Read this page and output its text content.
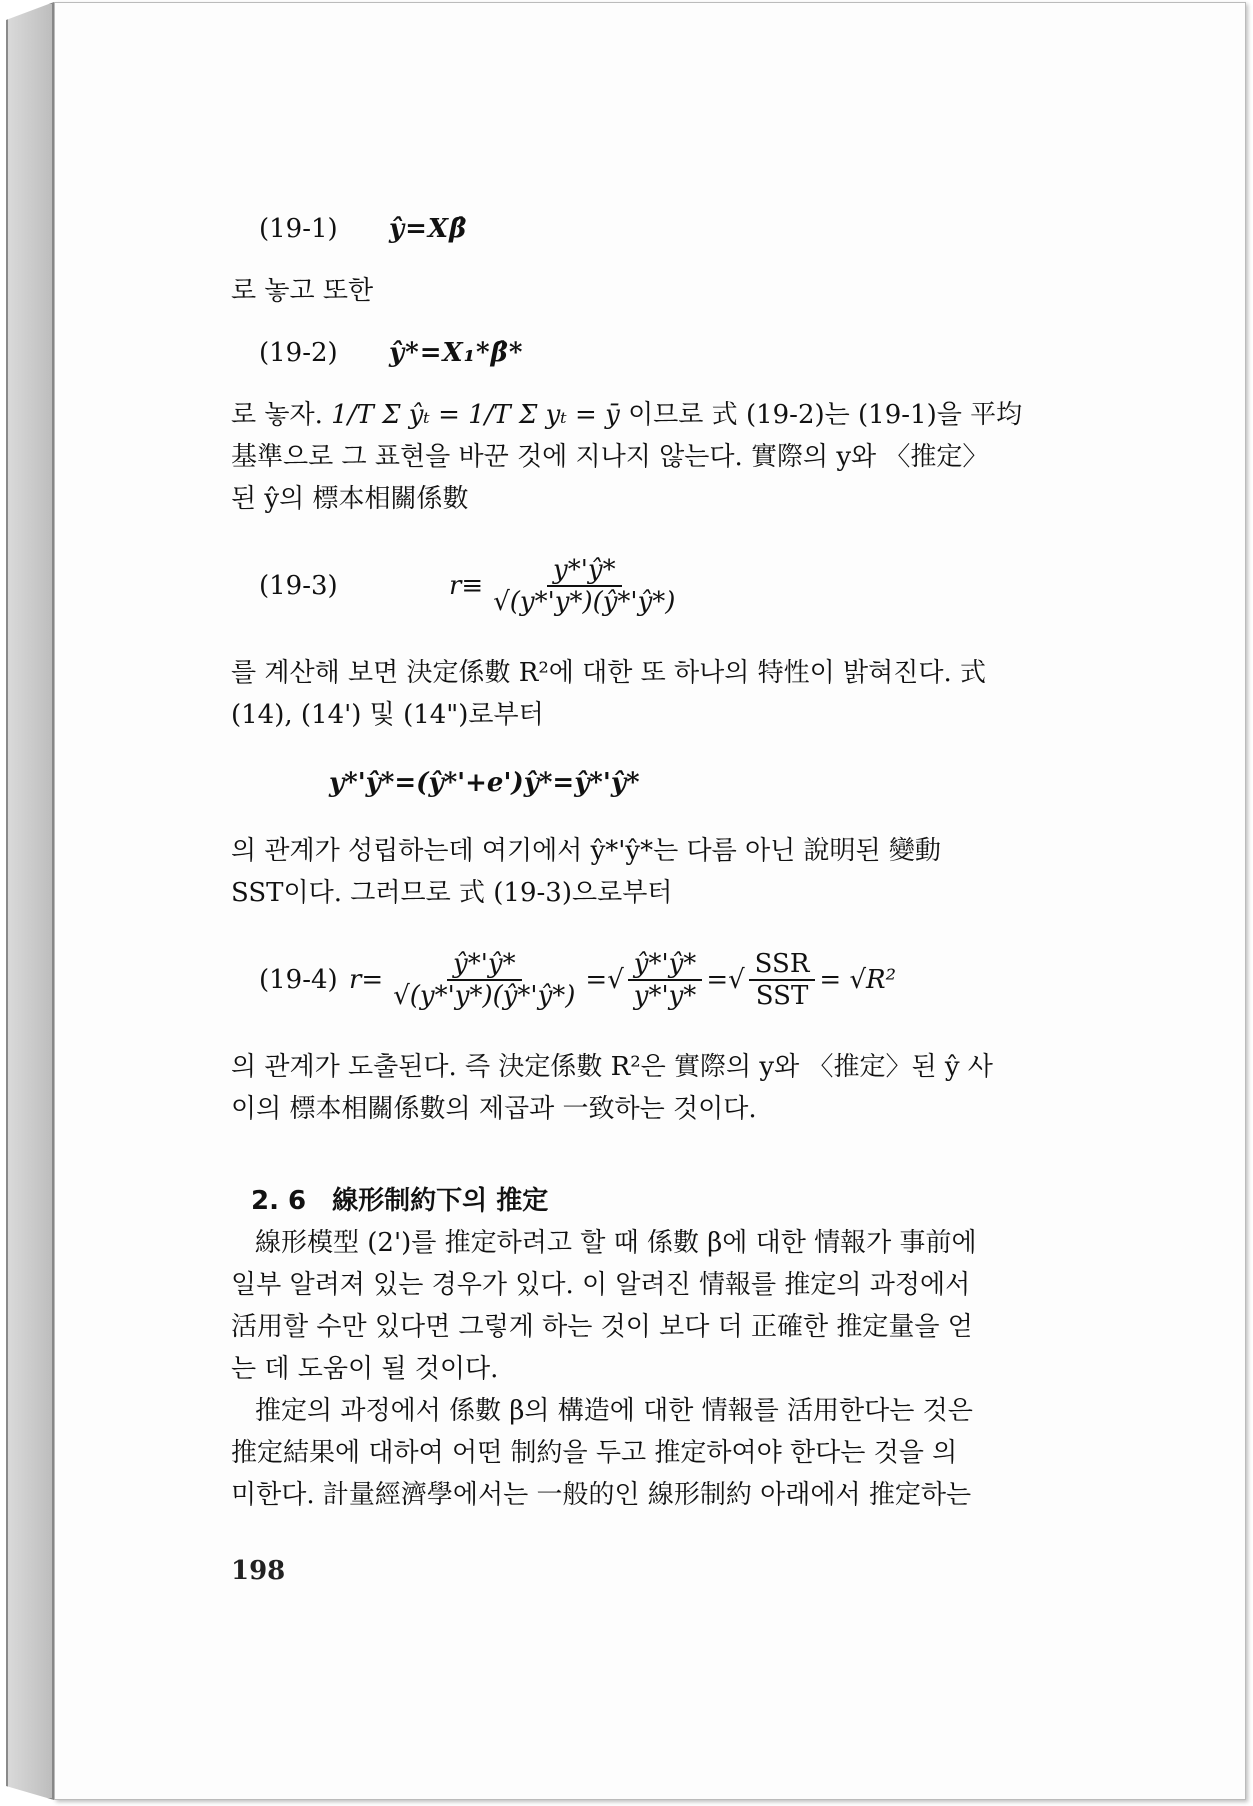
(19-1)	ŷ=Xβ̂

로 놓고 또한

(19-2)	ŷ*=X₁*β̂*

로 놓자. 1/T Σ ŷₜ = 1/T Σ yₜ = ȳ 이므로 式 (19-2)는 (19-1)을 平均

基準으로 그 표현을 바꾼 것에 지나지 않는다. 實際의 y와 〈推定〉

된 ŷ의 標本相關係數

(19-3)	$r\equiv \frac{y*'ŷ*}{√(y*'y*)(ŷ*'ŷ*)}$

를 계산해 보면 決定係數 R²에 대한 또 하나의 特性이 밝혀진다. 式

(14), (14') 및 (14")로부터

y*'ŷ*=(ŷ*'+e')ŷ*=ŷ*'ŷ*

의 관계가 성립하는데 여기에서 ŷ*'ŷ*는 다름 아닌 說明된 變動

SST이다. 그러므로 式 (19-3)으로부터

(19-4) $r= \frac{ŷ*'ŷ*}{√(y*'y*)(ŷ*'ŷ*)}$ =√ $\frac{ŷ*'ŷ*}{y*'y*}$ =√ $\frac{\text{SSR}}{\text{SST}} = √R^2$

의 관계가 도출된다. 즉 決定係數 R²은 實際의 y와 〈推定〉된 ŷ 사

이의 標本相關係數의 제곱과 一致하는 것이다.

2. 6　線形制約下의 推定

線形模型 (2')를 推定하려고 할 때 係數 β에 대한 情報가 事前에

일부 알려져 있는 경우가 있다. 이 알려진 情報를 推定의 과정에서

活用할 수만 있다면 그렇게 하는 것이 보다 더 正確한 推定量을 얻

는 데 도움이 될 것이다.

推定의 과정에서 係數 β의 構造에 대한 情報를 活用한다는 것은

推定結果에 대하여 어떤 制約을 두고 推定하여야 한다는 것을 의

미한다. 計量經濟學에서는 一般的인 線形制約 아래에서 推定하는

198
